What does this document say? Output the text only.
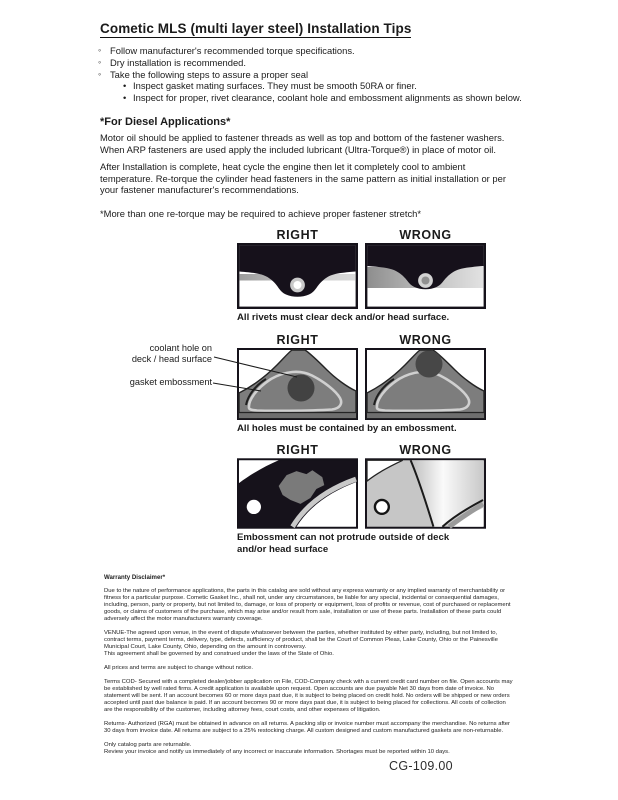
Cometic MLS (multi layer steel) Installation Tips
◦ Follow manufacturer's recommended torque specifications.
◦ Dry installation is recommended.
◦ Take the following steps to assure a proper seal
• Inspect gasket mating surfaces. They must be smooth 50RA or finer.
• Inspect for proper, rivet clearance, coolant hole and embossment alignments as shown below.
*For Diesel Applications*

Motor oil should be applied to fastener threads as well as top and bottom of the fastener washers. When ARP fasteners are used apply the included lubricant (Ultra-Torque®) in place of motor oil.

After Installation is complete, heat cycle the engine then let it completely cool to ambient temperature. Re-torque the cylinder head fasteners in the same pattern as initial installation or per your fastener manufacturer's recommendations.

*More than one re-torque may be required to achieve proper fastener stretch*

coolant hole on
deck / head surface
gasket embossment
RIGHT	WRONG

All rivets must clear deck and/or head surface.

RIGHT	WRONG

All holes must be contained by an embossment.

RIGHT	WRONG

Embossment can not protrude outside of deck
and/or head surface

Warranty Disclaimer*

Due to the nature of performance applications, the parts in this catalog are sold without any express warranty or any implied warranty of merchantability or fitness for a particular purpose. Cometic Gasket Inc., shall not, under any circumstances, be liable for any special, incidental or consequential damages, including, person, party or property, but not limited to, damage, or loss of property or equipment, loss of profits or revenue, cost of purchased or replacement goods, or claims of customers of the purchase, which may arise and/or result from sale, installation or use of these parts. Installation of these parts could adversely affect the motor manufacturers warranty coverage.

VENUE-The agreed upon venue, in the event of dispute whatsoever between the parties, whether instituted by either party, including, but not limited to, contract terms, payment terms, delivery, type, defects, sufficiency of product, shall be the Court of Common Pleas, Lake County, Ohio or the Painesville Municipal Court, Lake County, Ohio, depending on the amount in controversy.

This agreement shall be governed by and construed under the laws of the State of Ohio.

All prices and terms are subject to change without notice.

Terms COD- Secured with a completed dealer/jobber application on File, COD-Company check with a current credit card number on file. Open accounts may be established by well rated firms. A credit application is available upon request. Open accounts are due payable Net 30 days from date of invoice. No statement will be sent. If an account becomes 60 or more days past due, it is subject to being placed on credit hold. No orders will be shipped or new orders accepted until past due balance is paid. If an account becomes 90 or more days past due, it is subject to being placed for collections. All costs of collection are the responsibility of the customer, including attorney fees, court costs, and other expenses of litigation.

Returns- Authorized (RGA) must be obtained in advance on all returns. A packing slip or invoice number must accompany the merchandise. No returns after 30 days from invoice date. All returns are subject to a 25% restocking charge. All custom designed and custom manufactured gaskets are non-returnable.

Only catalog parts are returnable.

Review your invoice and notify us immediately of any incorrect or inaccurate information. Shortages must be reported within 10 days.

CG-109.00
